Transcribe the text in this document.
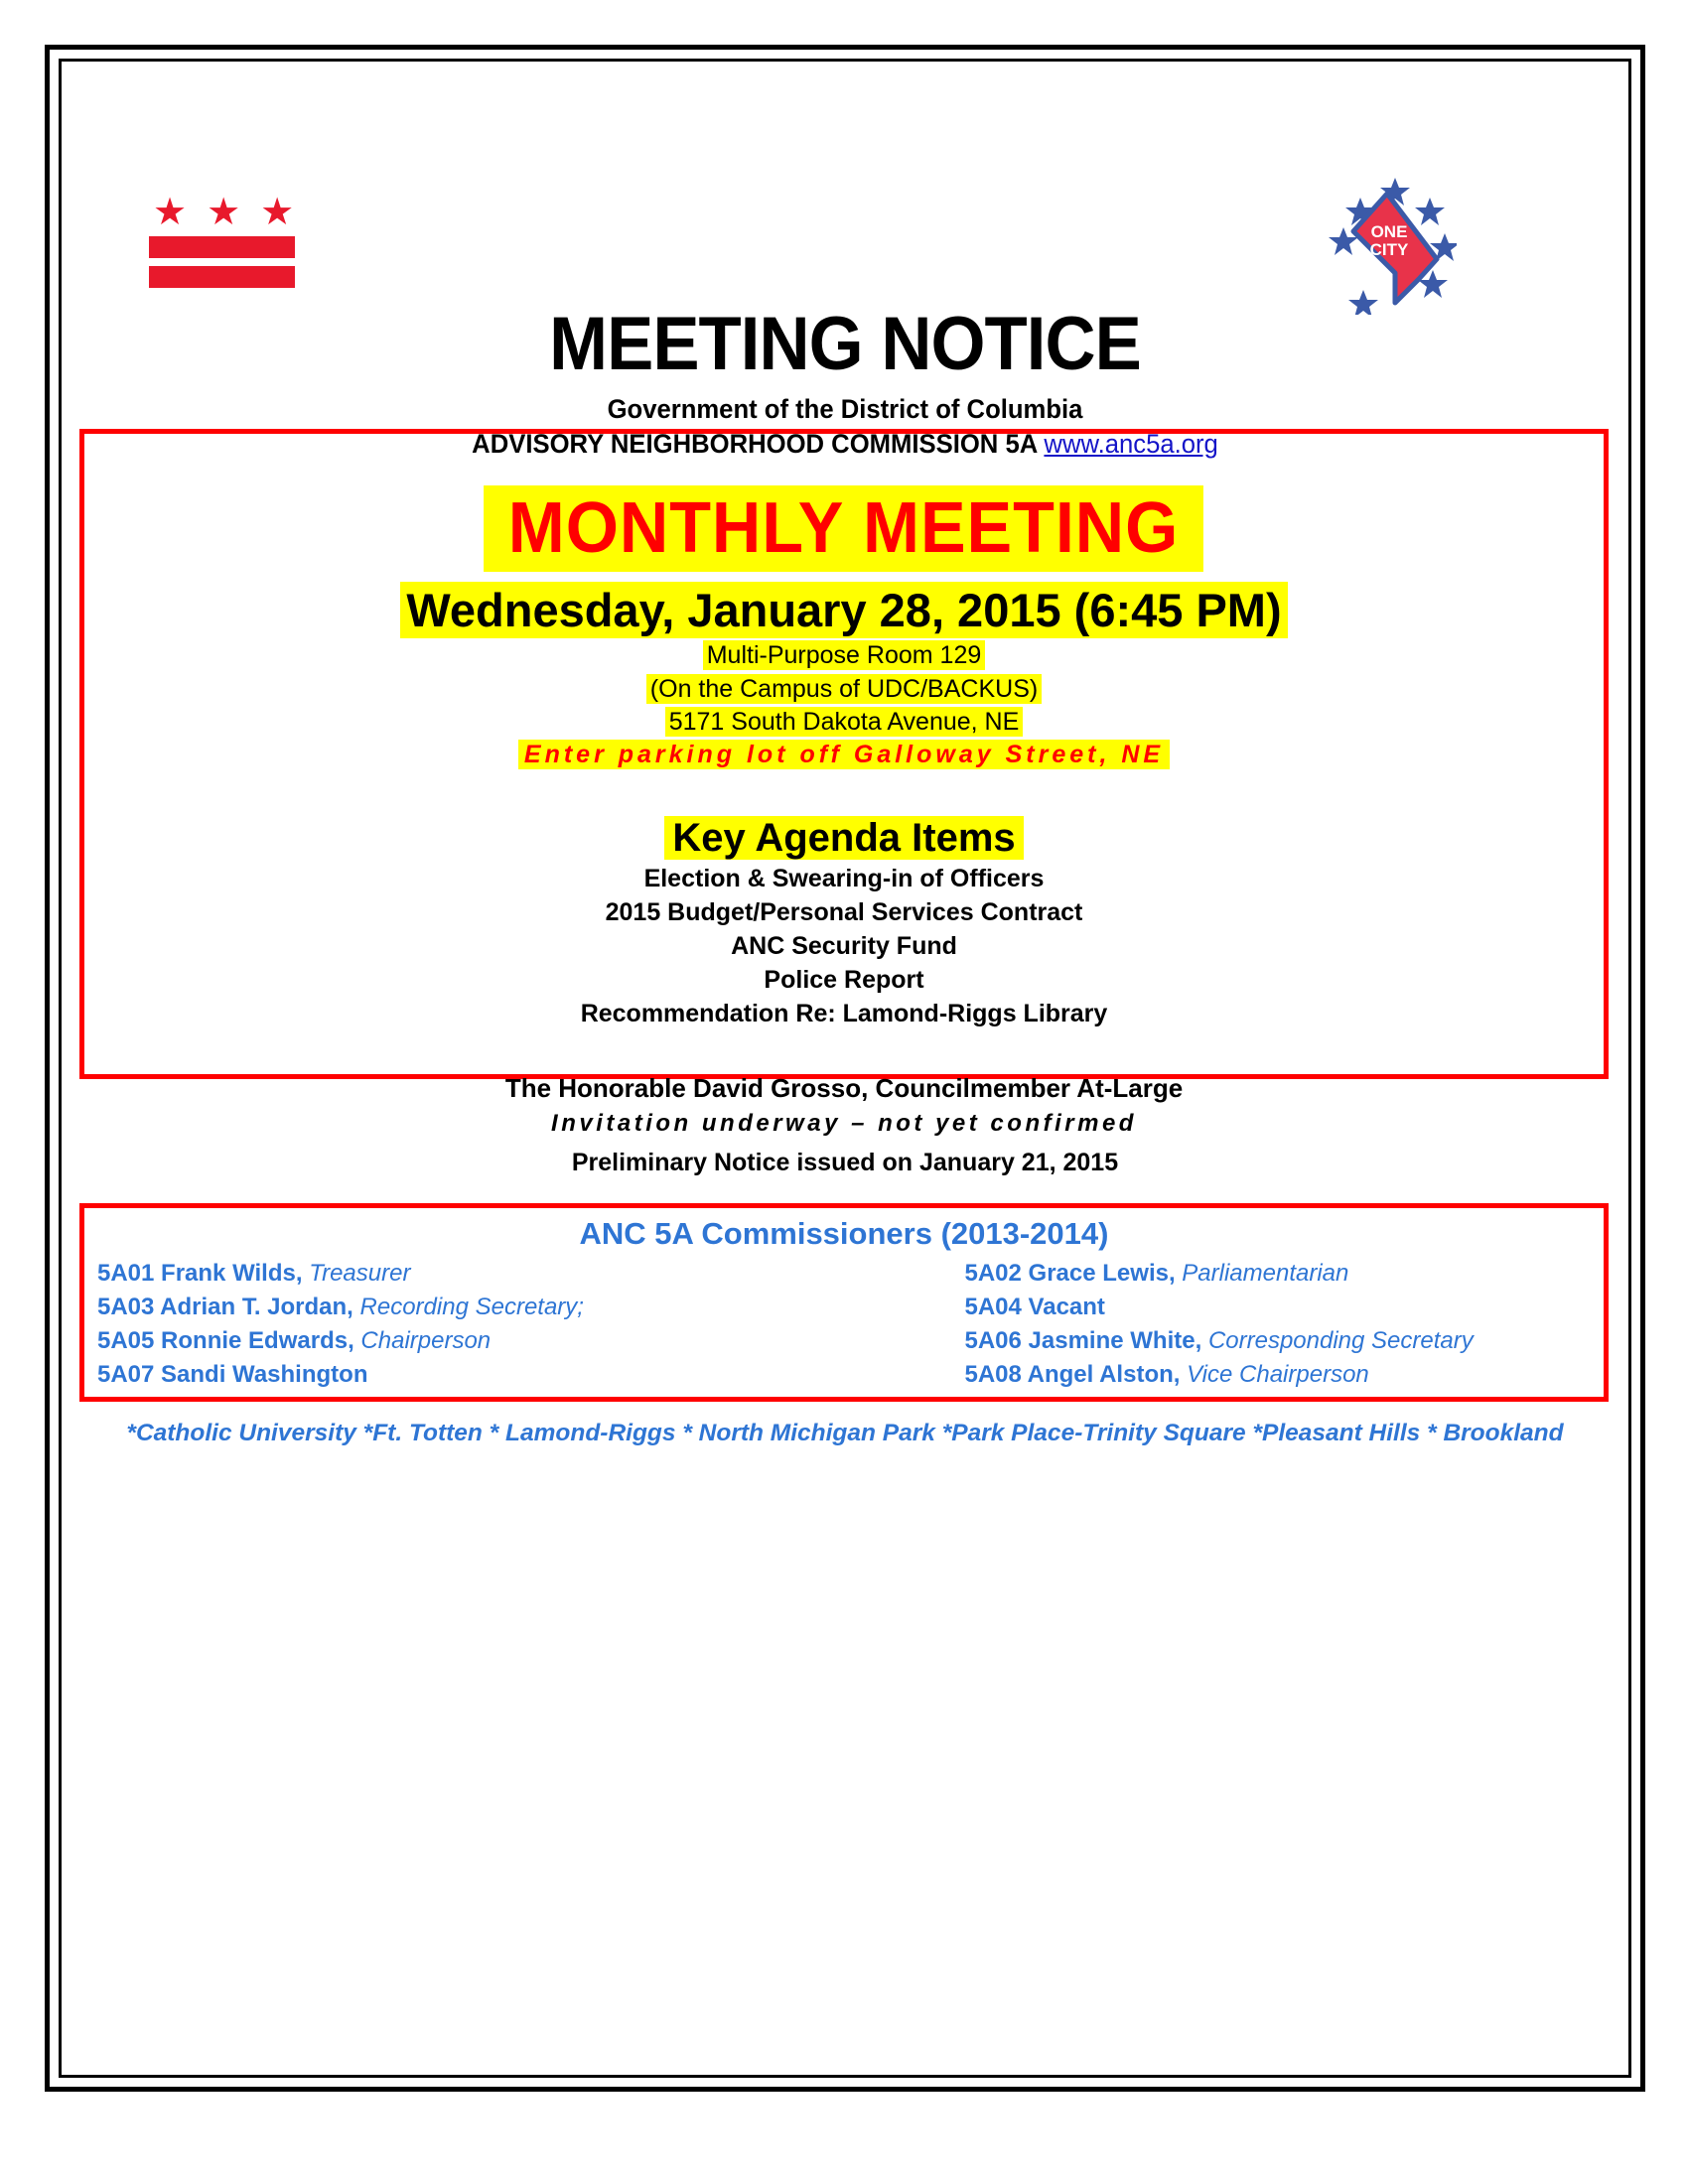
★ ★ ★	ONE
CITY
MEETING NOTICE
Government of the District of Columbia
ADVISORY NEIGHBORHOOD COMMISSION 5A www.anc5a.org
MONTHLY MEETING
Wednesday, January 28, 2015 (6:45 PM)
Multi-Purpose Room 129
(On the Campus of UDC/BACKUS)
5171 South Dakota Avenue, NE
Enter parking lot off Galloway Street, NE
Key Agenda Items
Election & Swearing-in of Officers
2015 Budget/Personal Services Contract
ANC Security Fund
Police Report
Recommendation Re: Lamond-Riggs Library
The Honorable David Grosso, Councilmember At-Large
Invitation underway – not yet confirmed
Preliminary Notice issued on January 21, 2015
ANC 5A Commissioners (2013-2014)
5A01 Frank Wilds, Treasurer	5A02 Grace Lewis, Parliamentarian
5A03 Adrian T. Jordan, Recording Secretary;	5A04 Vacant
5A05 Ronnie Edwards, Chairperson	5A06 Jasmine White, Corresponding Secretary
5A07 Sandi Washington	5A08 Angel Alston, Vice Chairperson
*Catholic University *Ft. Totten * Lamond-Riggs * North Michigan Park *Park Place-Trinity Square *Pleasant Hills * Brookland
